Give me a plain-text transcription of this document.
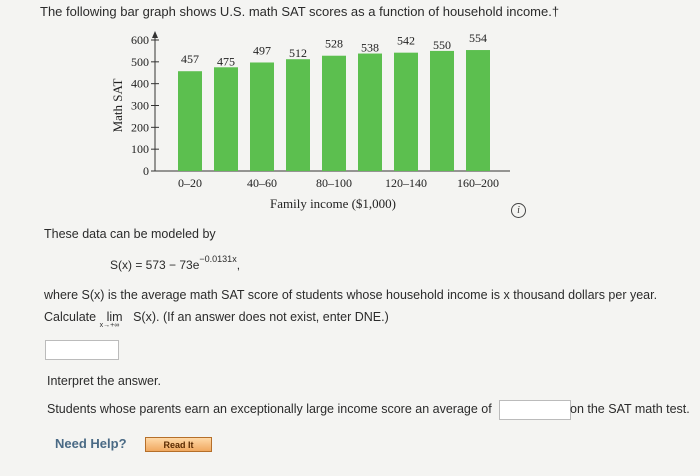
The following bar graph shows U.S. math SAT scores as a function of household income.†
0
100
200
300
400
500
600
Math SAT
457 475
497 512
528 538 542 550 554
0–20	40–60	80–100	120–140	160–200
Family income ($1,000)	i
These data can be modeled by
$S(x) = 573 - 73e^{-0.0131x}$,
where S(x) is the average math SAT score of students whose household income is x thousand dollars per year.
Calculate lim
x→+∞
S(x). (If an answer does not exist, enter DNE.)
Interpret the answer.
Students whose parents earn an exceptionally large income score an average of	on the SAT math test.
Need Help?	Read It
